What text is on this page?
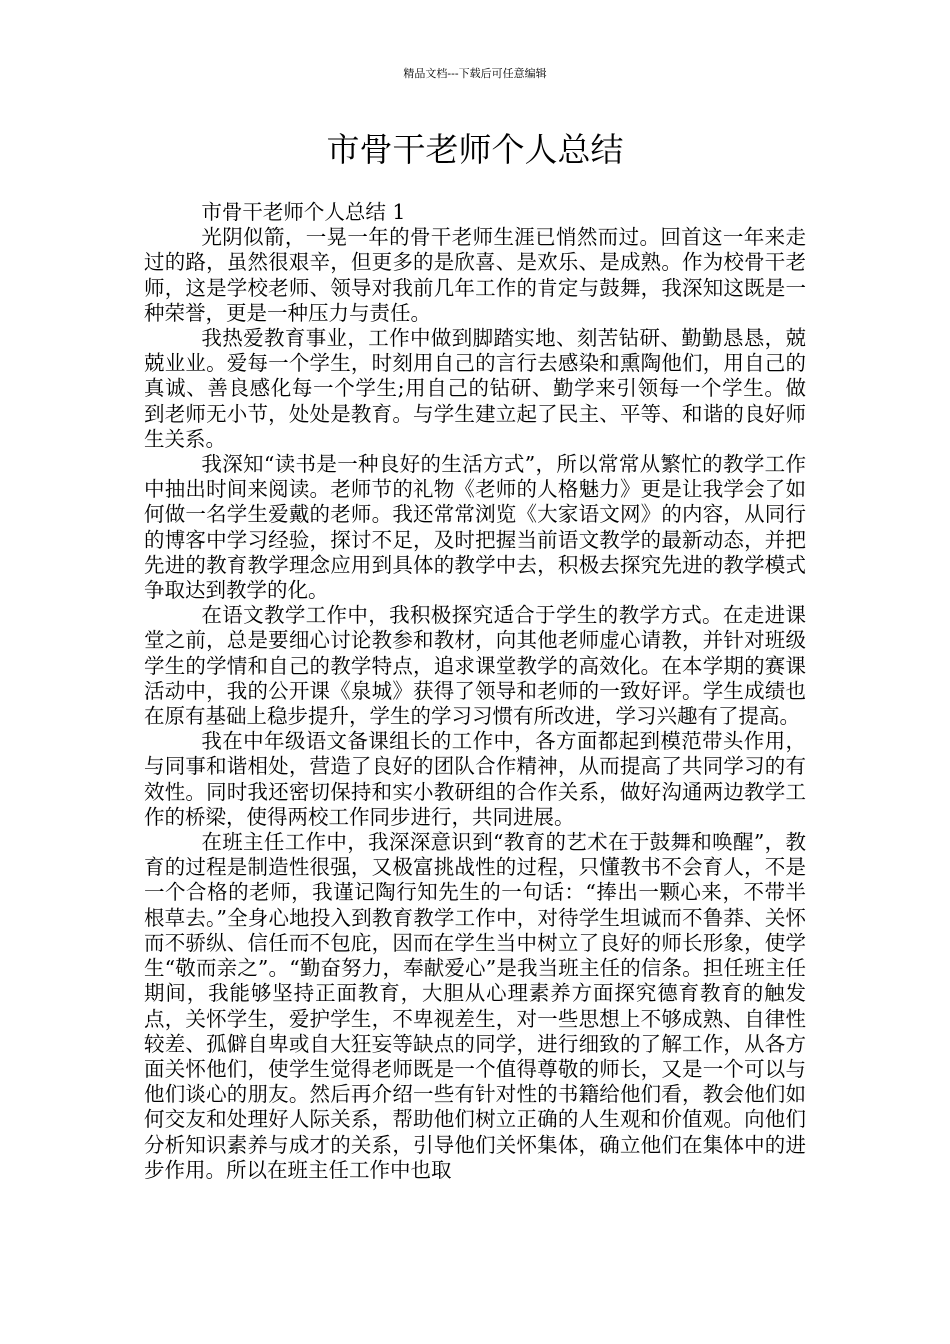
精品文档---下载后可任意编辑
市骨干老师个人总结

市骨干老师个人总结 1

光阴似箭，一晃一年的骨干老师生涯已悄然而过。回首这一年来走过的路，虽然很艰辛，但更多的是欣喜、是欢乐、是成熟。作为校骨干老师，这是学校老师、领导对我前几年工作的肯定与鼓舞，我深知这既是一种荣誉，更是一种压力与责任。

我热爱教育事业，工作中做到脚踏实地、刻苦钻研、勤勤恳恳，兢兢业业。爱每一个学生，时刻用自己的言行去感染和熏陶他们，用自己的真诚、善良感化每一个学生;用自己的钻研、勤学来引领每一个学生。做到老师无小节，处处是教育。与学生建立起了民主、平等、和谐的良好师生关系。

我深知“读书是一种良好的生活方式”，所以常常从繁忙的教学工作中抽出时间来阅读。老师节的礼物《老师的人格魅力》更是让我学会了如何做一名学生爱戴的老师。我还常常浏览《大家语文网》的内容，从同行的博客中学习经验，探讨不足，及时把握当前语文教学的最新动态，并把先进的教育教学理念应用到具体的教学中去，积极去探究先进的教学模式争取达到教学的化。

在语文教学工作中，我积极探究适合于学生的教学方式。在走进课堂之前，总是要细心讨论教参和教材，向其他老师虚心请教，并针对班级学生的学情和自己的教学特点，追求课堂教学的高效化。在本学期的赛课活动中，我的公开课《泉城》获得了领导和老师的一致好评。学生成绩也在原有基础上稳步提升，学生的学习习惯有所改进，学习兴趣有了提高。

我在中年级语文备课组长的工作中，各方面都起到模范带头作用，与同事和谐相处，营造了良好的团队合作精神，从而提高了共同学习的有效性。同时我还密切保持和实小教研组的合作关系，做好沟通两边教学工作的桥梁，使得两校工作同步进行，共同进展。

在班主任工作中，我深深意识到“教育的艺术在于鼓舞和唤醒”，教育的过程是制造性很强，又极富挑战性的过程，只懂教书不会育人，不是一个合格的老师，我谨记陶行知先生的一句话：“捧出一颗心来，不带半根草去。”全身心地投入到教育教学工作中，对待学生坦诚而不鲁莽、关怀而不骄纵、信任而不包庇，因而在学生当中树立了良好的师长形象，使学生“敬而亲之”。“勤奋努力，奉献爱心”是我当班主任的信条。担任班主任期间，我能够坚持正面教育，大胆从心理素养方面探究德育教育的触发点，关怀学生，爱护学生，不卑视差生，对一些思想上不够成熟、自律性较差、孤僻自卑或自大狂妄等缺点的同学，进行细致的了解工作，从各方面关怀他们，使学生觉得老师既是一个值得尊敬的师长，又是一个可以与他们谈心的朋友。然后再介绍一些有针对性的书籍给他们看，教会他们如何交友和处理好人际关系，帮助他们树立正确的人生观和价值观。向他们分析知识素养与成才的关系，引导他们关怀集体，确立他们在集体中的进步作用。所以在班主任工作中也取
